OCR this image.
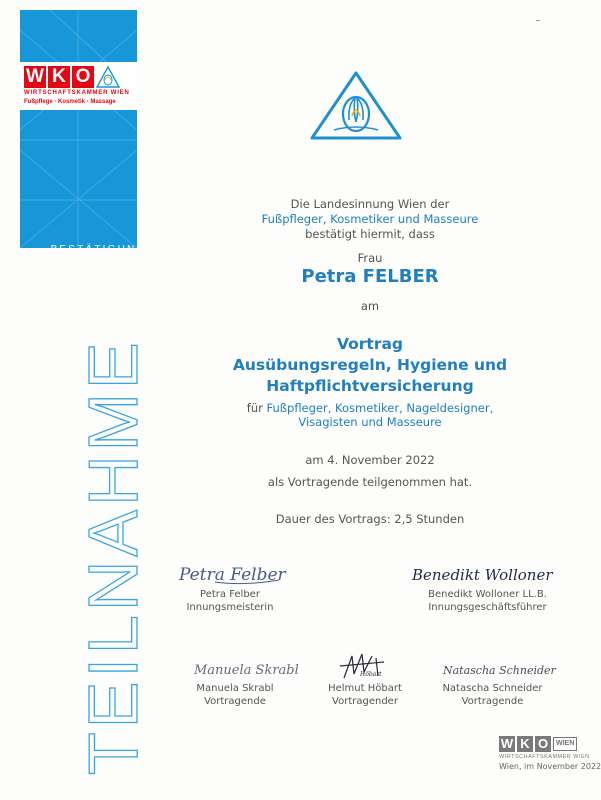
BESTÄTIGUNG
W K O
WIRTSCHAFTSKAMMER WIEN
Fußpflege · Kosmetik · Massage
TEILNAHME
Die Landesinnung Wien der
Fußpfleger, Kosmetiker und Masseure
bestätigt hiermit, dass
Frau
Petra FELBER
am
Vortrag
Ausübungsregeln, Hygiene und
Haftpflichtversicherung
für Fußpfleger, Kosmetiker, Nageldesigner,
Visagisten und Masseure
am 4. November 2022
als Vortragende teilgenommen hat.
Dauer des Vortrags: 2,5 Stunden
Petra Felber
Petra Felber
Innungsmeisterin
Benedikt Wolloner
Benedikt Wolloner LL.B.
Innungsgeschäftsführer
Manuela Skrabl
Manuela Skrabl
Vortragende
Höbart
Helmut Höbart
Vortragender
Natascha Schneider
Natascha Schneider
Vortragende
W K O	WIEN
WIRTSCHAFTSKAMMER WIEN
Wien, im November 2022
